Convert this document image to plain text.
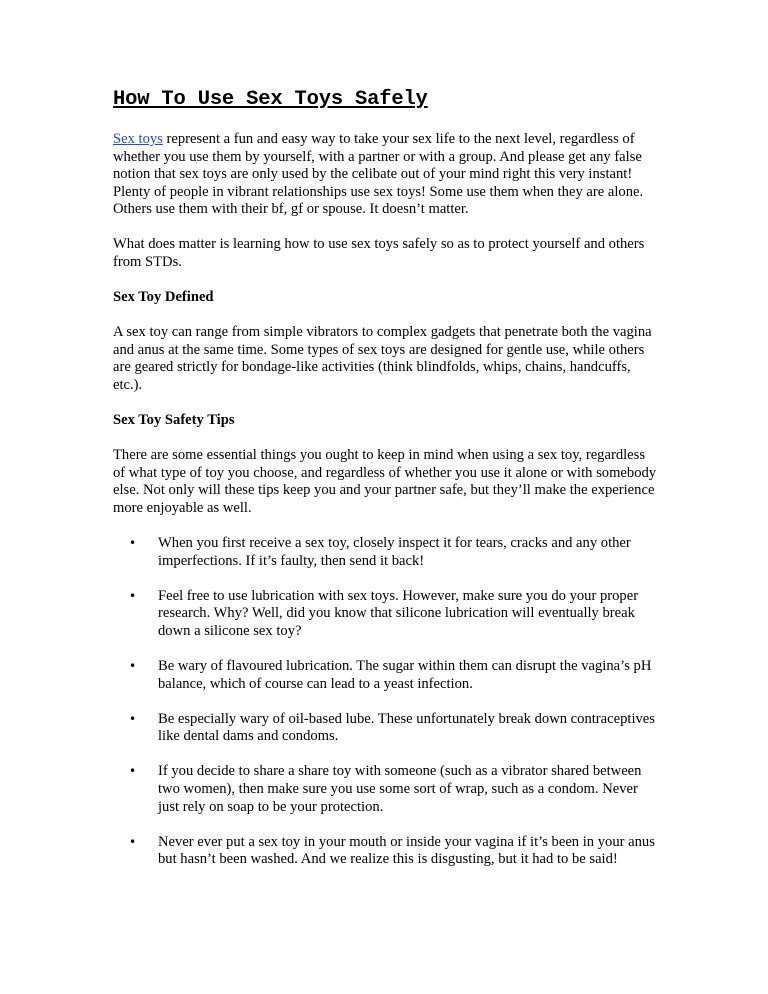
How To Use Sex Toys Safely

Sex toys represent a fun and easy way to take your sex life to the next level, regardless of whether you use them by yourself, with a partner or with a group. And please get any false notion that sex toys are only used by the celibate out of your mind right this very instant! Plenty of people in vibrant relationships use sex toys! Some use them when they are alone. Others use them with their bf, gf or spouse. It doesn’t matter.

What does matter is learning how to use sex toys safely so as to protect yourself and others from STDs.

Sex Toy Defined

A sex toy can range from simple vibrators to complex gadgets that penetrate both the vagina and anus at the same time. Some types of sex toys are designed for gentle use, while others are geared strictly for bondage-like activities (think blindfolds, whips, chains, handcuffs, etc.).

Sex Toy Safety Tips

There are some essential things you ought to keep in mind when using a sex toy, regardless of what type of toy you choose, and regardless of whether you use it alone or with somebody else. Not only will these tips keep you and your partner safe, but they’ll make the experience more enjoyable as well.

• When you first receive a sex toy, closely inspect it for tears, cracks and any other imperfections. If it’s faulty, then send it back!
• Feel free to use lubrication with sex toys. However, make sure you do your proper research. Why? Well, did you know that silicone lubrication will eventually break down a silicone sex toy?
• Be wary of flavoured lubrication. The sugar within them can disrupt the vagina’s pH balance, which of course can lead to a yeast infection.
• Be especially wary of oil-based lube. These unfortunately break down contraceptives like dental dams and condoms.
• If you decide to share a share toy with someone (such as a vibrator shared between two women), then make sure you use some sort of wrap, such as a condom. Never just rely on soap to be your protection.
• Never ever put a sex toy in your mouth or inside your vagina if it’s been in your anus but hasn’t been washed. And we realize this is disgusting, but it had to be said!
